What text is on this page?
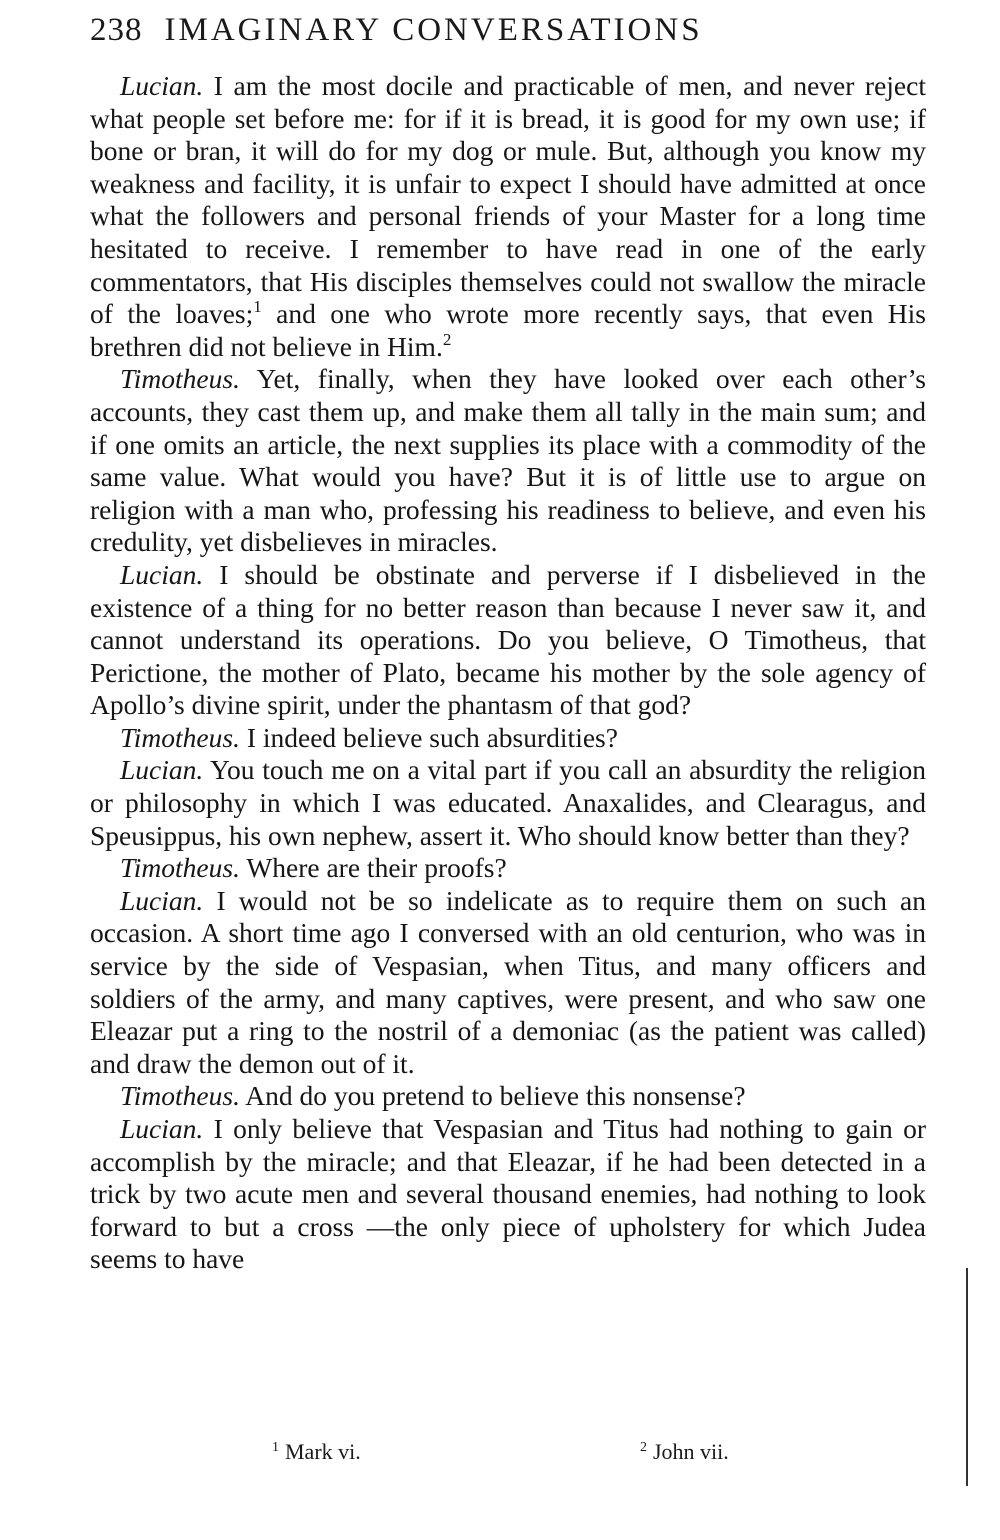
238 IMAGINARY CONVERSATIONS

Lucian. I am the most docile and practicable of men, and never reject what people set before me: for if it is bread, it is good for my own use; if bone or bran, it will do for my dog or mule. But, although you know my weakness and facility, it is unfair to expect I should have admitted at once what the followers and personal friends of your Master for a long time hesitated to receive. I remember to have read in one of the early commentators, that His disciples themselves could not swallow the miracle of the loaves;$^1$ and one who wrote more recently says, that even His brethren did not believe in Him.$^2$

Timotheus. Yet, finally, when they have looked over each other’s accounts, they cast them up, and make them all tally in the main sum; and if one omits an article, the next supplies its place with a commodity of the same value. What would you have? But it is of little use to argue on religion with a man who, professing his readiness to believe, and even his credulity, yet disbelieves in miracles.

Lucian. I should be obstinate and perverse if I disbelieved in the existence of a thing for no better reason than because I never saw it, and cannot understand its operations. Do you believe, O Timotheus, that Perictione, the mother of Plato, became his mother by the sole agency of Apollo’s divine spirit, under the phantasm of that god?

Timotheus. I indeed believe such absurdities?

Lucian. You touch me on a vital part if you call an absurdity the religion or philosophy in which I was educated. Anaxalides, and Clearagus, and Speusippus, his own nephew, assert it. Who should know better than they?

Timotheus. Where are their proofs?

Lucian. I would not be so indelicate as to require them on such an occasion. A short time ago I conversed with an old centurion, who was in service by the side of Vespasian, when Titus, and many officers and soldiers of the army, and many captives, were present, and who saw one Eleazar put a ring to the nostril of a demoniac (as the patient was called) and draw the demon out of it.

Timotheus. And do you pretend to believe this nonsense?

Lucian. I only believe that Vespasian and Titus had nothing to gain or accomplish by the miracle; and that Eleazar, if he had been detected in a trick by two acute men and several thousand enemies, had nothing to look forward to but a cross —the only piece of upholstery for which Judea seems to have

$^1$ Mark vi.	$^2$ John vii.
